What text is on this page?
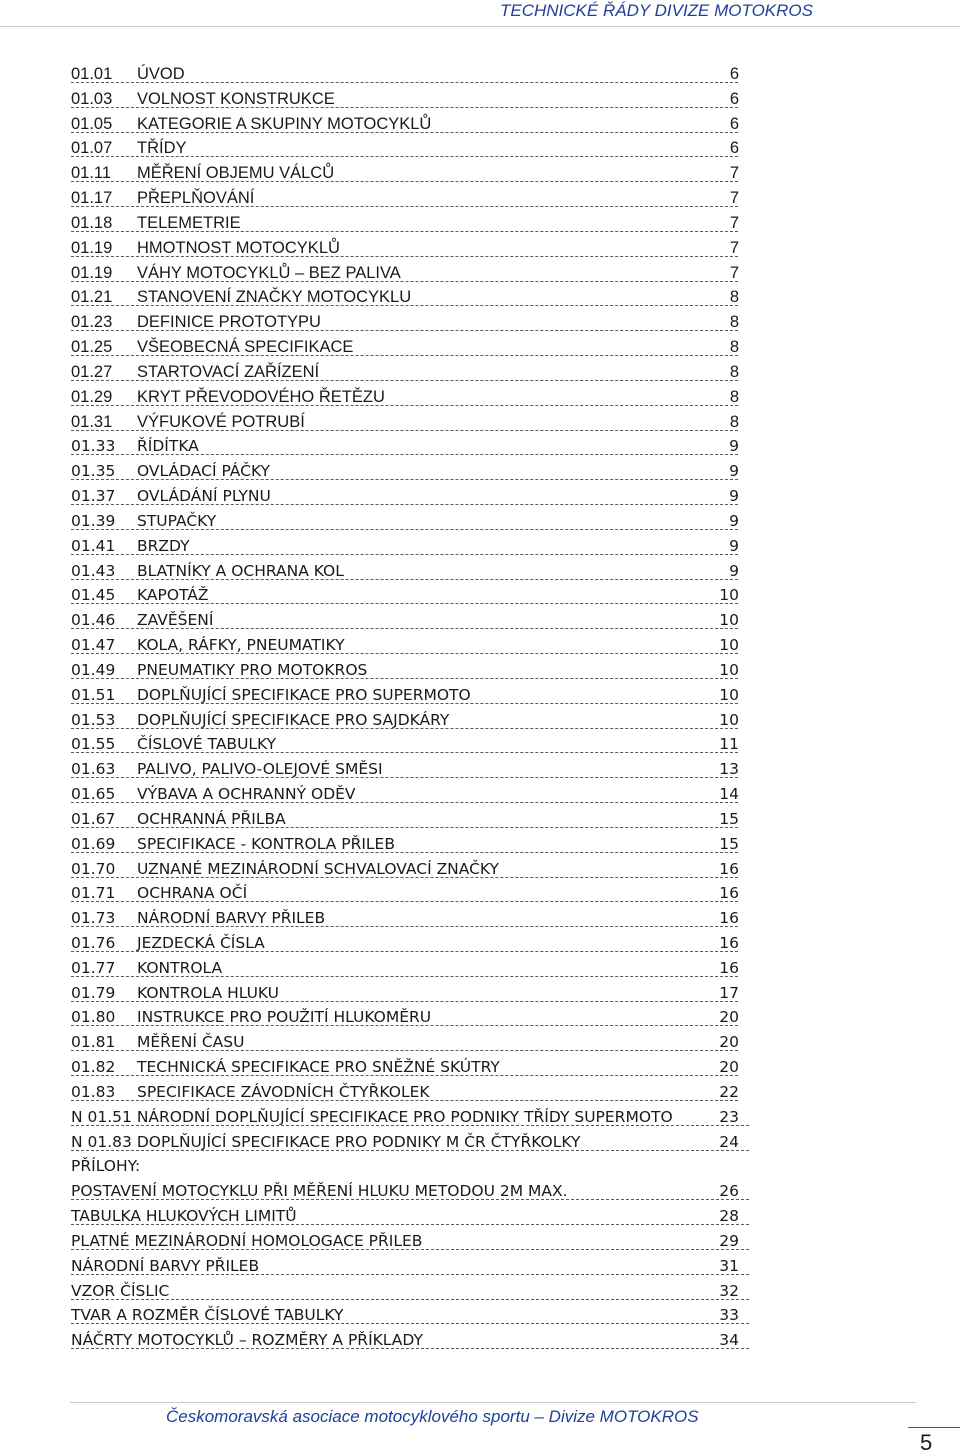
TECHNICKÉ ŘÁDY DIVIZE MOTOKROS
01.01 ÚVOD	6
01.03 VOLNOST KONSTRUKCE	6
01.05 KATEGORIE A SKUPINY MOTOCYKLŮ	6
01.07 TŘÍDY	6
01.11 MĚŘENÍ OBJEMU VÁLCŮ	7
01.17 PŘEPLŇOVÁNÍ	7
01.18 TELEMETRIE	7
01.19 HMOTNOST MOTOCYKLŮ	7
01.19 VÁHY MOTOCYKLŮ – BEZ PALIVA	7
01.21 STANOVENÍ ZNAČKY MOTOCYKLU	8
01.23 DEFINICE PROTOTYPU	8
01.25 VŠEOBECNÁ SPECIFIKACE	8
01.27 STARTOVACÍ ZAŘÍZENÍ	8
01.29 KRYT PŘEVODOVÉHO ŘETĚZU	8
01.31 VÝFUKOVÉ POTRUBÍ	8
01.33 ŘÍDÍTKA	9
01.35 OVLÁDACÍ PÁČKY	9
01.37 OVLÁDÁNÍ PLYNU	9
01.39 STUPAČKY	9
01.41 BRZDY	9
01.43 BLATNÍKY A OCHRANA KOL	9
01.45 KAPOTÁŽ	10
01.46 ZAVĚŠENÍ	10
01.47 KOLA, RÁFKY, PNEUMATIKY	10
01.49 PNEUMATIKY PRO MOTOKROS	10
01.51 DOPLŇUJÍCÍ SPECIFIKACE PRO SUPERMOTO	10
01.53 DOPLŇUJÍCÍ SPECIFIKACE PRO SAJDKÁRY	10
01.55 ČÍSLOVÉ TABULKY	11
01.63 PALIVO, PALIVO-OLEJOVÉ SMĚSI	13
01.65 VÝBAVA A OCHRANNÝ ODĚV	14
01.67 OCHRANNÁ PŘILBA	15
01.69 SPECIFIKACE - KONTROLA PŘILEB	15
01.70 UZNANÉ MEZINÁRODNÍ SCHVALOVACÍ ZNAČKY	16
01.71 OCHRANA OČÍ	16
01.73 NÁRODNÍ BARVY PŘILEB	16
01.76 JEZDECKÁ ČÍSLA	16
01.77 KONTROLA	16
01.79 KONTROLA HLUKU	17
01.80 INSTRUKCE PRO POUŽITÍ HLUKOMĚRU	20
01.81 MĚŘENÍ ČASU	20
01.82 TECHNICKÁ SPECIFIKACE PRO SNĚŽNÉ SKÚTRY	20
01.83 SPECIFIKACE ZÁVODNÍCH ČTYŘKOLEK	22
N 01.51 NÁRODNÍ DOPLŇUJÍCÍ SPECIFIKACE PRO PODNIKY TŘÍDY SUPERMOTO	23
N 01.83 DOPLŇUJÍCÍ SPECIFIKACE PRO PODNIKY M ČR ČTYŘKOLKY	24
PŘÍLOHY:
POSTAVENÍ MOTOCYKLU PŘI MĚŘENÍ HLUKU METODOU 2M MAX.	26
TABULKA HLUKOVÝCH LIMITŮ	28
PLATNÉ MEZINÁRODNÍ HOMOLOGACE PŘILEB	29
NÁRODNÍ BARVY PŘILEB	31
VZOR ČÍSLIC	32
TVAR A ROZMĚR ČÍSLOVÉ TABULKY	33
NÁČRTY MOTOCYKLŮ – ROZMĚRY A PŘÍKLADY	34
Českomoravská asociace motocyklového sportu – Divize MOTOKROS
5
